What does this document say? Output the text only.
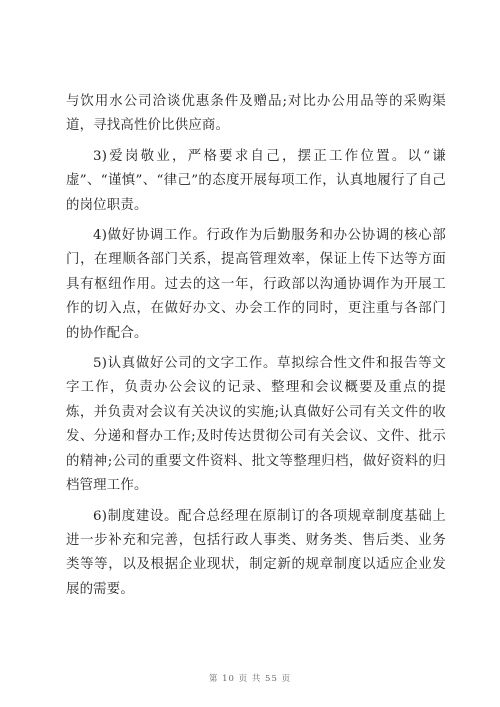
与饮用水公司洽谈优惠条件及赠品;对比办公用品等的采购渠道，寻找高性价比供应商。

3)爱岗敬业，严格要求自己，摆正工作位置。以“谦虚”、“谨慎”、“律己”的态度开展每项工作，认真地履行了自己的岗位职责。

4)做好协调工作。行政作为后勤服务和办公协调的核心部门，在理顺各部门关系，提高管理效率，保证上传下达等方面具有枢纽作用。过去的这一年，行政部以沟通协调作为开展工作的切入点，在做好办文、办会工作的同时，更注重与各部门的协作配合。

5)认真做好公司的文字工作。草拟综合性文件和报告等文字工作，负责办公会议的记录、整理和会议概要及重点的提炼，并负责对会议有关决议的实施;认真做好公司有关文件的收发、分递和督办工作;及时传达贯彻公司有关会议、文件、批示的精神;公司的重要文件资料、批文等整理归档，做好资料的归档管理工作。

6)制度建设。配合总经理在原制订的各项规章制度基础上进一步补充和完善，包括行政人事类、财务类、售后类、业务类等等，以及根据企业现状，制定新的规章制度以适应企业发展的需要。

第 10 页 共 55 页
